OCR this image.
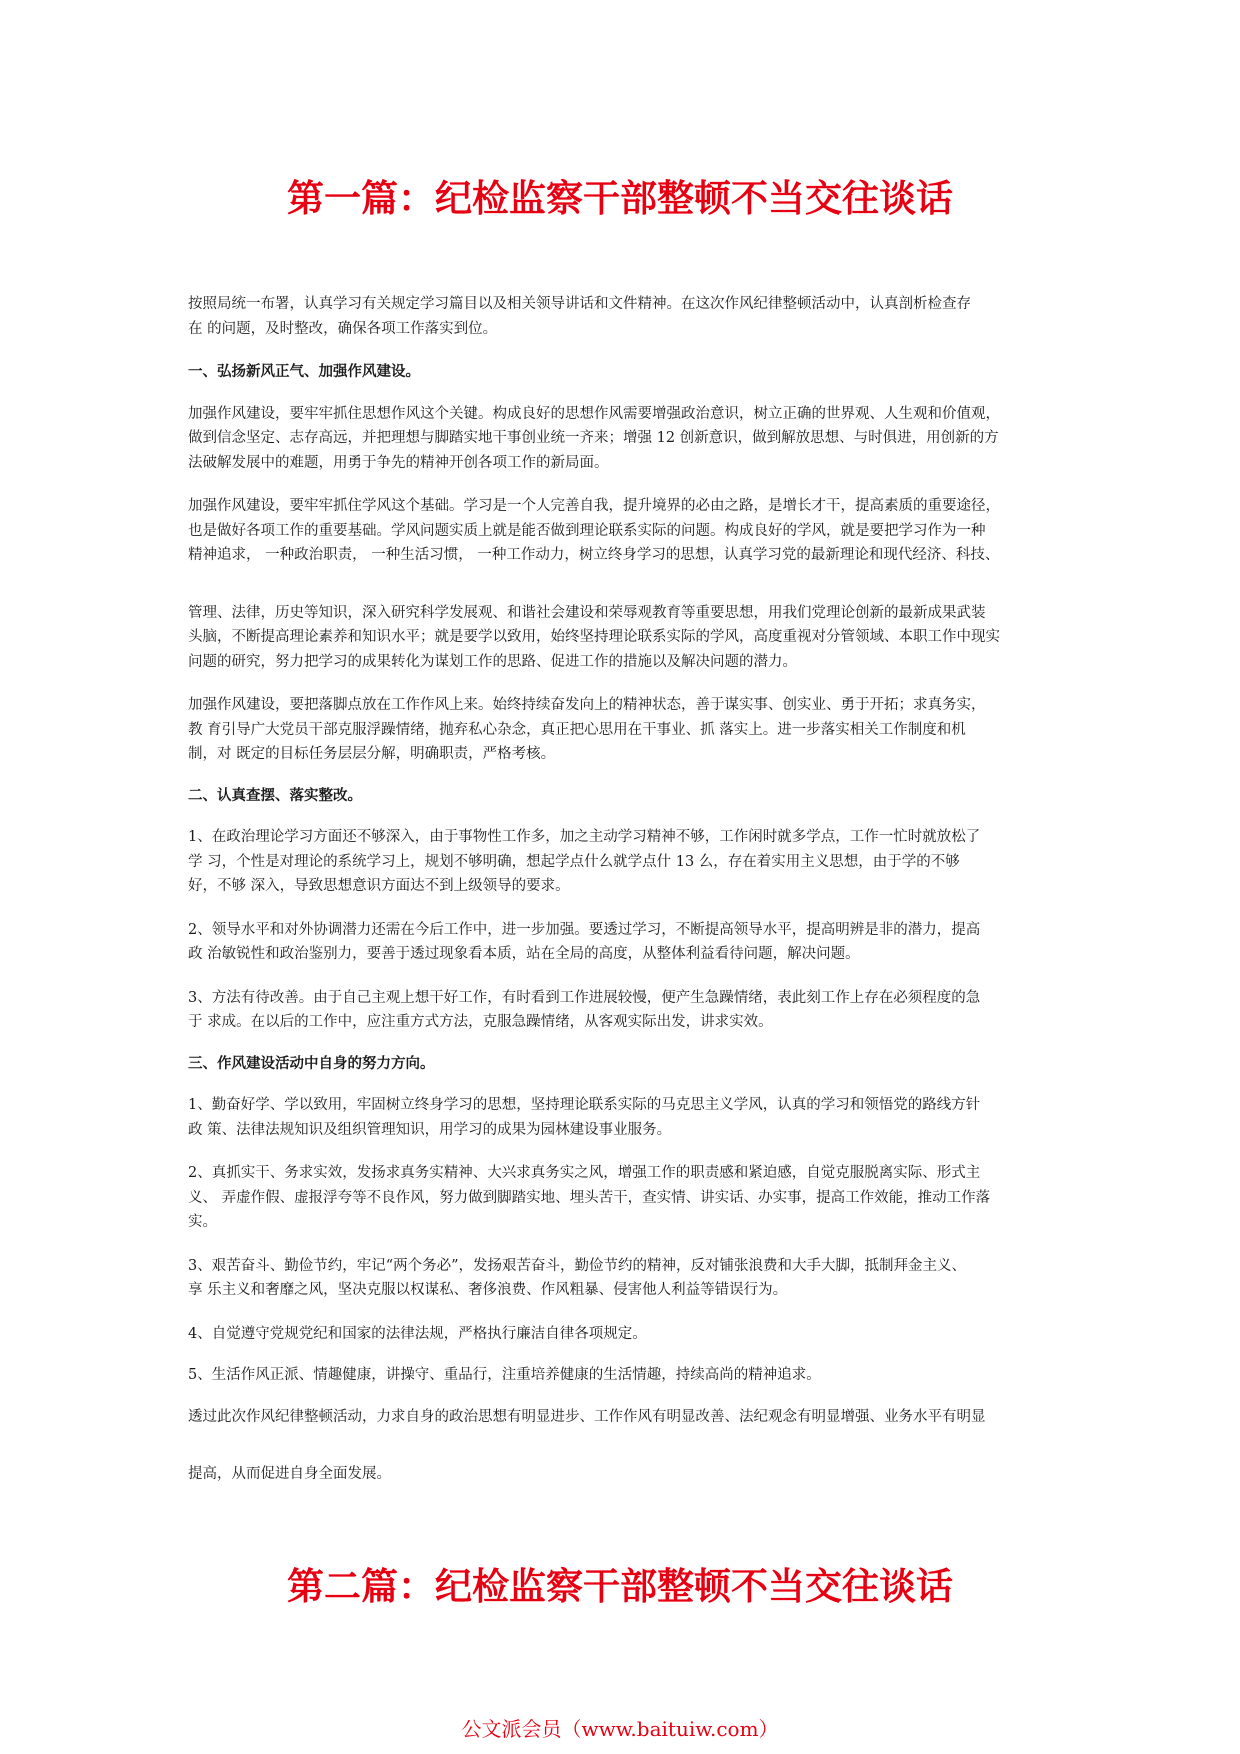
第一篇：纪检监察干部整顿不当交往谈话

按照局统一布署，认真学习有关规定学习篇目以及相关领导讲话和文件精神。在这次作风纪律整顿活动中，认真剖析检查存

在 的问题，及时整改，确保各项工作落实到位。

一、弘扬新风正气、加强作风建设。

加强作风建设，要牢牢抓住思想作风这个关键。构成良好的思想作风需要增强政治意识，树立正确的世界观、人生观和价值观，

做到信念坚定、志存高远，并把理想与脚踏实地干事创业统一齐来；增强 12 创新意识，做到解放思想、与时俱进，用创新的方

法破解发展中的难题，用勇于争先的精神开创各项工作的新局面。

加强作风建设，要牢牢抓住学风这个基础。学习是一个人完善自我，提升境界的必由之路，是增长才干，提高素质的重要途径，

也是做好各项工作的重要基础。学风问题实质上就是能否做到理论联系实际的问题。构成良好的学风，就是要把学习作为一种

精神追求， 一种政治职责， 一种生活习惯， 一种工作动力，树立终身学习的思想，认真学习党的最新理论和现代经济、科技、

管理、法律，历史等知识，深入研究科学发展观、和谐社会建设和荣辱观教育等重要思想，用我们党理论创新的最新成果武装

头脑，不断提高理论素养和知识水平；就是要学以致用，始终坚持理论联系实际的学风，高度重视对分管领域、本职工作中现实

问题的研究，努力把学习的成果转化为谋划工作的思路、促进工作的措施以及解决问题的潜力。

加强作风建设，要把落脚点放在工作作风上来。始终持续奋发向上的精神状态，善于谋实事、创实业、勇于开拓；求真务实，

教 育引导广大党员干部克服浮躁情绪，抛弃私心杂念，真正把心思用在干事业、抓 落实上。进一步落实相关工作制度和机

制，对 既定的目标任务层层分解，明确职责，严格考核。

二、认真查摆、落实整改。

1、在政治理论学习方面还不够深入，由于事物性工作多，加之主动学习精神不够，工作闲时就多学点，工作一忙时就放松了

学 习，个性是对理论的系统学习上，规划不够明确，想起学点什么就学点什 13 么，存在着实用主义思想，由于学的不够

好，不够 深入，导致思想意识方面达不到上级领导的要求。

2、领导水平和对外协调潜力还需在今后工作中，进一步加强。要透过学习，不断提高领导水平，提高明辨是非的潜力，提高

政 治敏锐性和政治鉴别力，要善于透过现象看本质，站在全局的高度，从整体利益看待问题，解决问题。

3、方法有待改善。由于自己主观上想干好工作，有时看到工作进展较慢，便产生急躁情绪，表此刻工作上存在必须程度的急

于 求成。在以后的工作中，应注重方式方法，克服急躁情绪，从客观实际出发，讲求实效。

三、作风建设活动中自身的努力方向。

1、勤奋好学、学以致用，牢固树立终身学习的思想，坚持理论联系实际的马克思主义学风，认真的学习和领悟党的路线方针

政 策、法律法规知识及组织管理知识，用学习的成果为园林建设事业服务。

2、真抓实干、务求实效，发扬求真务实精神、大兴求真务实之风，增强工作的职责感和紧迫感，自觉克服脱离实际、形式主

义、 弄虚作假、虚报浮夸等不良作风，努力做到脚踏实地、埋头苦干，查实情、讲实话、办实事，提高工作效能，推动工作落

实。

3、艰苦奋斗、勤俭节约，牢记“两个务必”，发扬艰苦奋斗，勤俭节约的精神，反对铺张浪费和大手大脚，抵制拜金主义、

享 乐主义和奢靡之风，坚决克服以权谋私、奢侈浪费、作风粗暴、侵害他人利益等错误行为。

4、自觉遵守党规党纪和国家的法律法规，严格执行廉洁自律各项规定。

5、生活作风正派、情趣健康，讲操守、重品行，注重培养健康的生活情趣，持续高尚的精神追求。

透过此次作风纪律整顿活动，力求自身的政治思想有明显进步、工作作风有明显改善、法纪观念有明显增强、业务水平有明显

提高，从而促进自身全面发展。

第二篇：纪检监察干部整顿不当交往谈话
公文派会员（www.baituiw.com）
